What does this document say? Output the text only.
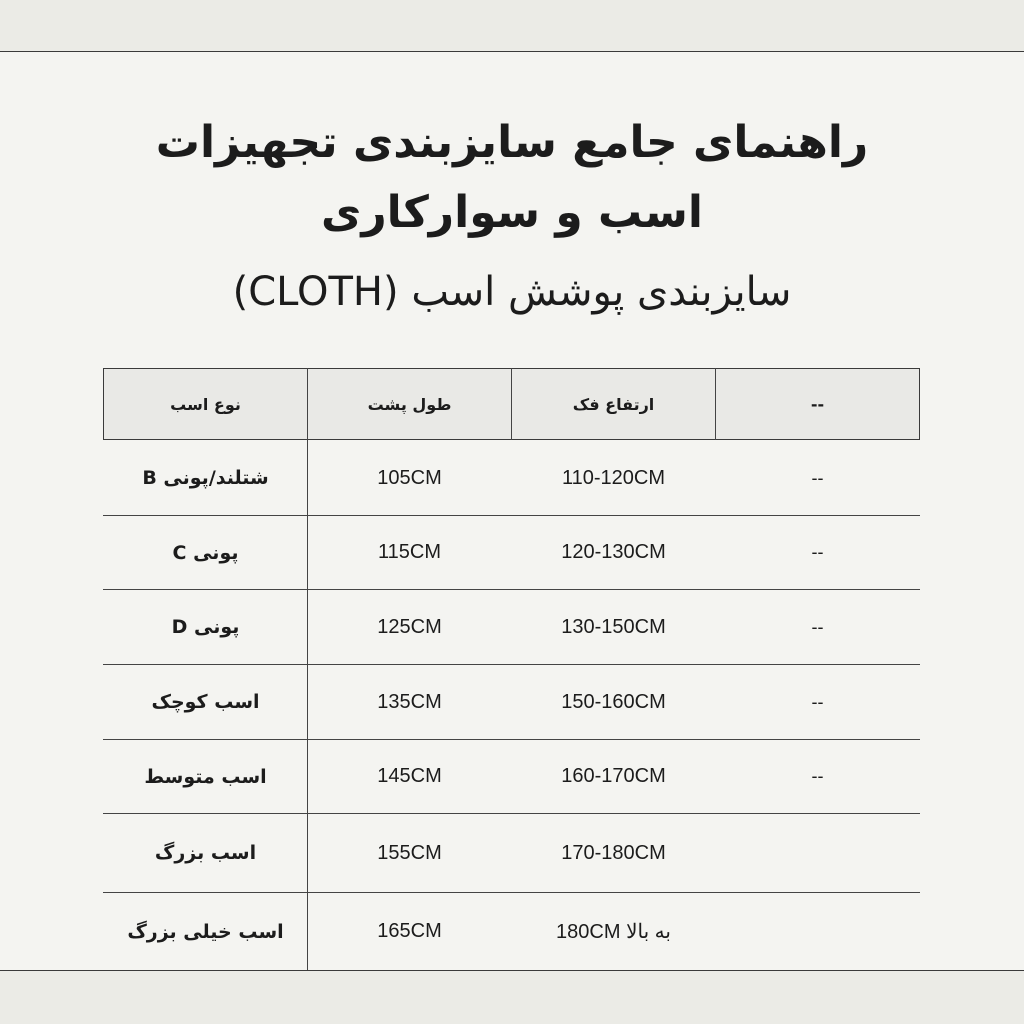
راهنمای جامع سایزبندی تجهیزات
اسب و سوارکاری
سایزبندی پوشش اسب (CLOTH)
نوع اسب	طول پشت	ارتفاع فک	--
شتلند/پونی B	105CM	110-120CM	--
پونی C	115CM	120-130CM	--
پونی D	125CM	130-150CM	--
اسب کوچک	135CM	150-160CM	--
اسب متوسط	145CM	160-170CM	--
اسب بزرگ	155CM	170-180CM
اسب خیلی بزرگ	165CM	180CM به بالا
